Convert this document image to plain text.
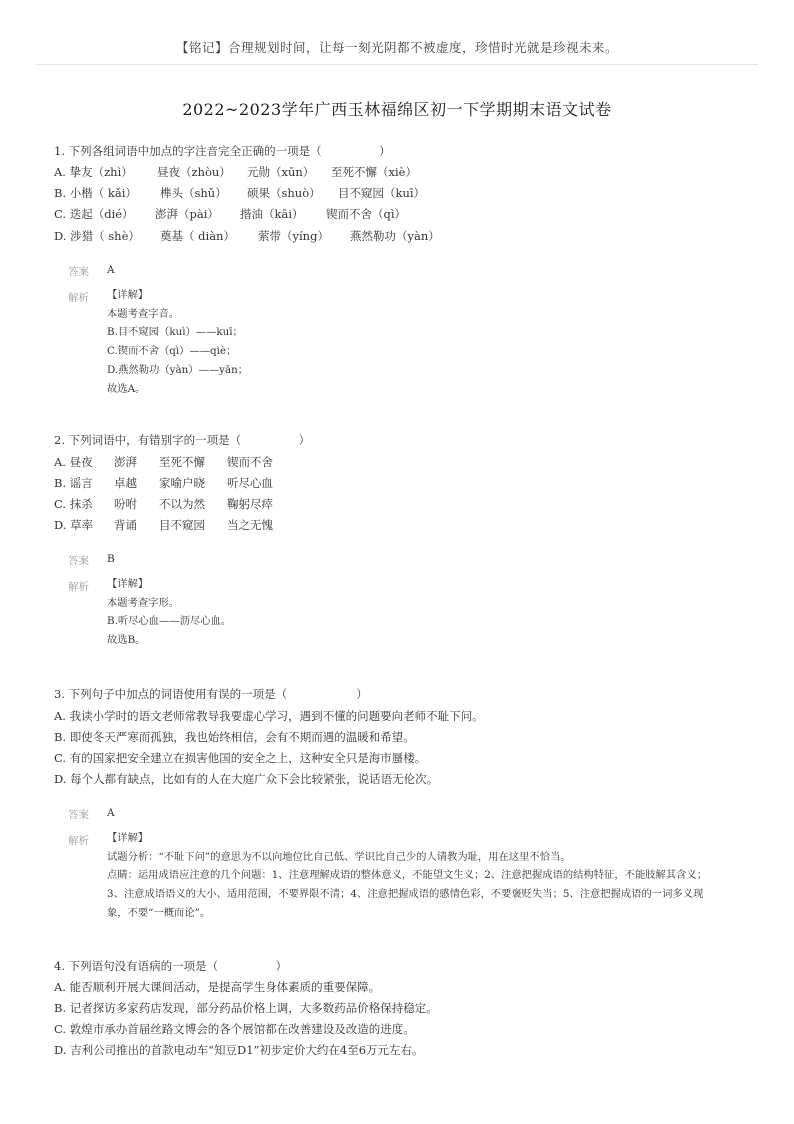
【铭记】合理规划时间，让每一刻光阴都不被虚度，珍惜时光就是珍视未来。
2022~2023学年广西玉林福绵区初一下学期期末语文试卷
1. 下列各组词语中加点的字注音完全正确的一项是（　　　　　）
A. 挚友（zhì） 昼夜（zhòu） 元勋（xūn） 至死不懈（xiè）
B. 小楷（ kǎi） 榫头（shǔ） 硕果（shuò） 目不窥园（kuī）
C. 迭起（dié） 澎湃（pài） 揩油（kāi） 锲而不舍（qì）
D. 涉猎（ shè） 奠基（ diàn） 萦带（yíng） 燕然勒功（yàn）
答案 A
解析 【详解】
本题考查字音。
B.目不窥园（kuì）——kuī；
C.锲而不舍（qì）——qiè；
D.燕然勒功（yàn）——yān；
故选A。
2. 下列词语中，有错别字的一项是（　　　　　）
A. 昼夜 澎湃 至死不懈 锲而不舍
B. 谣言 卓越 家喻户晓 听尽心血
C. 抹杀 吩咐 不以为然 鞠躬尽瘁
D. 草率 背诵 目不窥园 当之无愧
答案 B
解析 【详解】
本题考查字形。
B.听尽心血——沥尽心血。
故选B。
3. 下列句子中加点的词语使用有误的一项是（　　　　　　）
A. 我读小学时的语文老师常教导我要虚心学习，遇到不懂的问题要向老师不耻下问。
B. 即使冬天严寒而孤独，我也始终相信，会有不期而遇的温暖和希望。
C. 有的国家把安全建立在损害他国的安全之上，这种安全只是海市蜃楼。
D. 每个人都有缺点，比如有的人在大庭广众下会比较紧张，说话语无伦次。
答案 A
解析 【详解】
试题分析：“不耻下问”的意思为不以向地位比自己低、学识比自己少的人请教为耻，用在这里不恰当。
点睛：运用成语应注意的几个问题：1、注意理解成语的整体意义，不能望文生义；2、注意把握成语的结构特征，不能肢解其含义；3、注意成语语义的大小、适用范围，不要界限不清；4、注意把握成语的感情色彩，不要褒贬失当；5、注意把握成语的一词多义现象，不要“一概而论”。
4. 下列语句没有语病的一项是（　　　　　）
A. 能否顺利开展大课间活动，是提高学生身体素质的重要保障。
B. 记者探访多家药店发现，部分药品价格上调，大多数药品价格保持稳定。
C. 敦煌市承办首届丝路文博会的各个展馆都在改善建设及改造的进度。
D. 吉利公司推出的首款电动车“知豆D1”初步定价大约在4至6万元左右。
